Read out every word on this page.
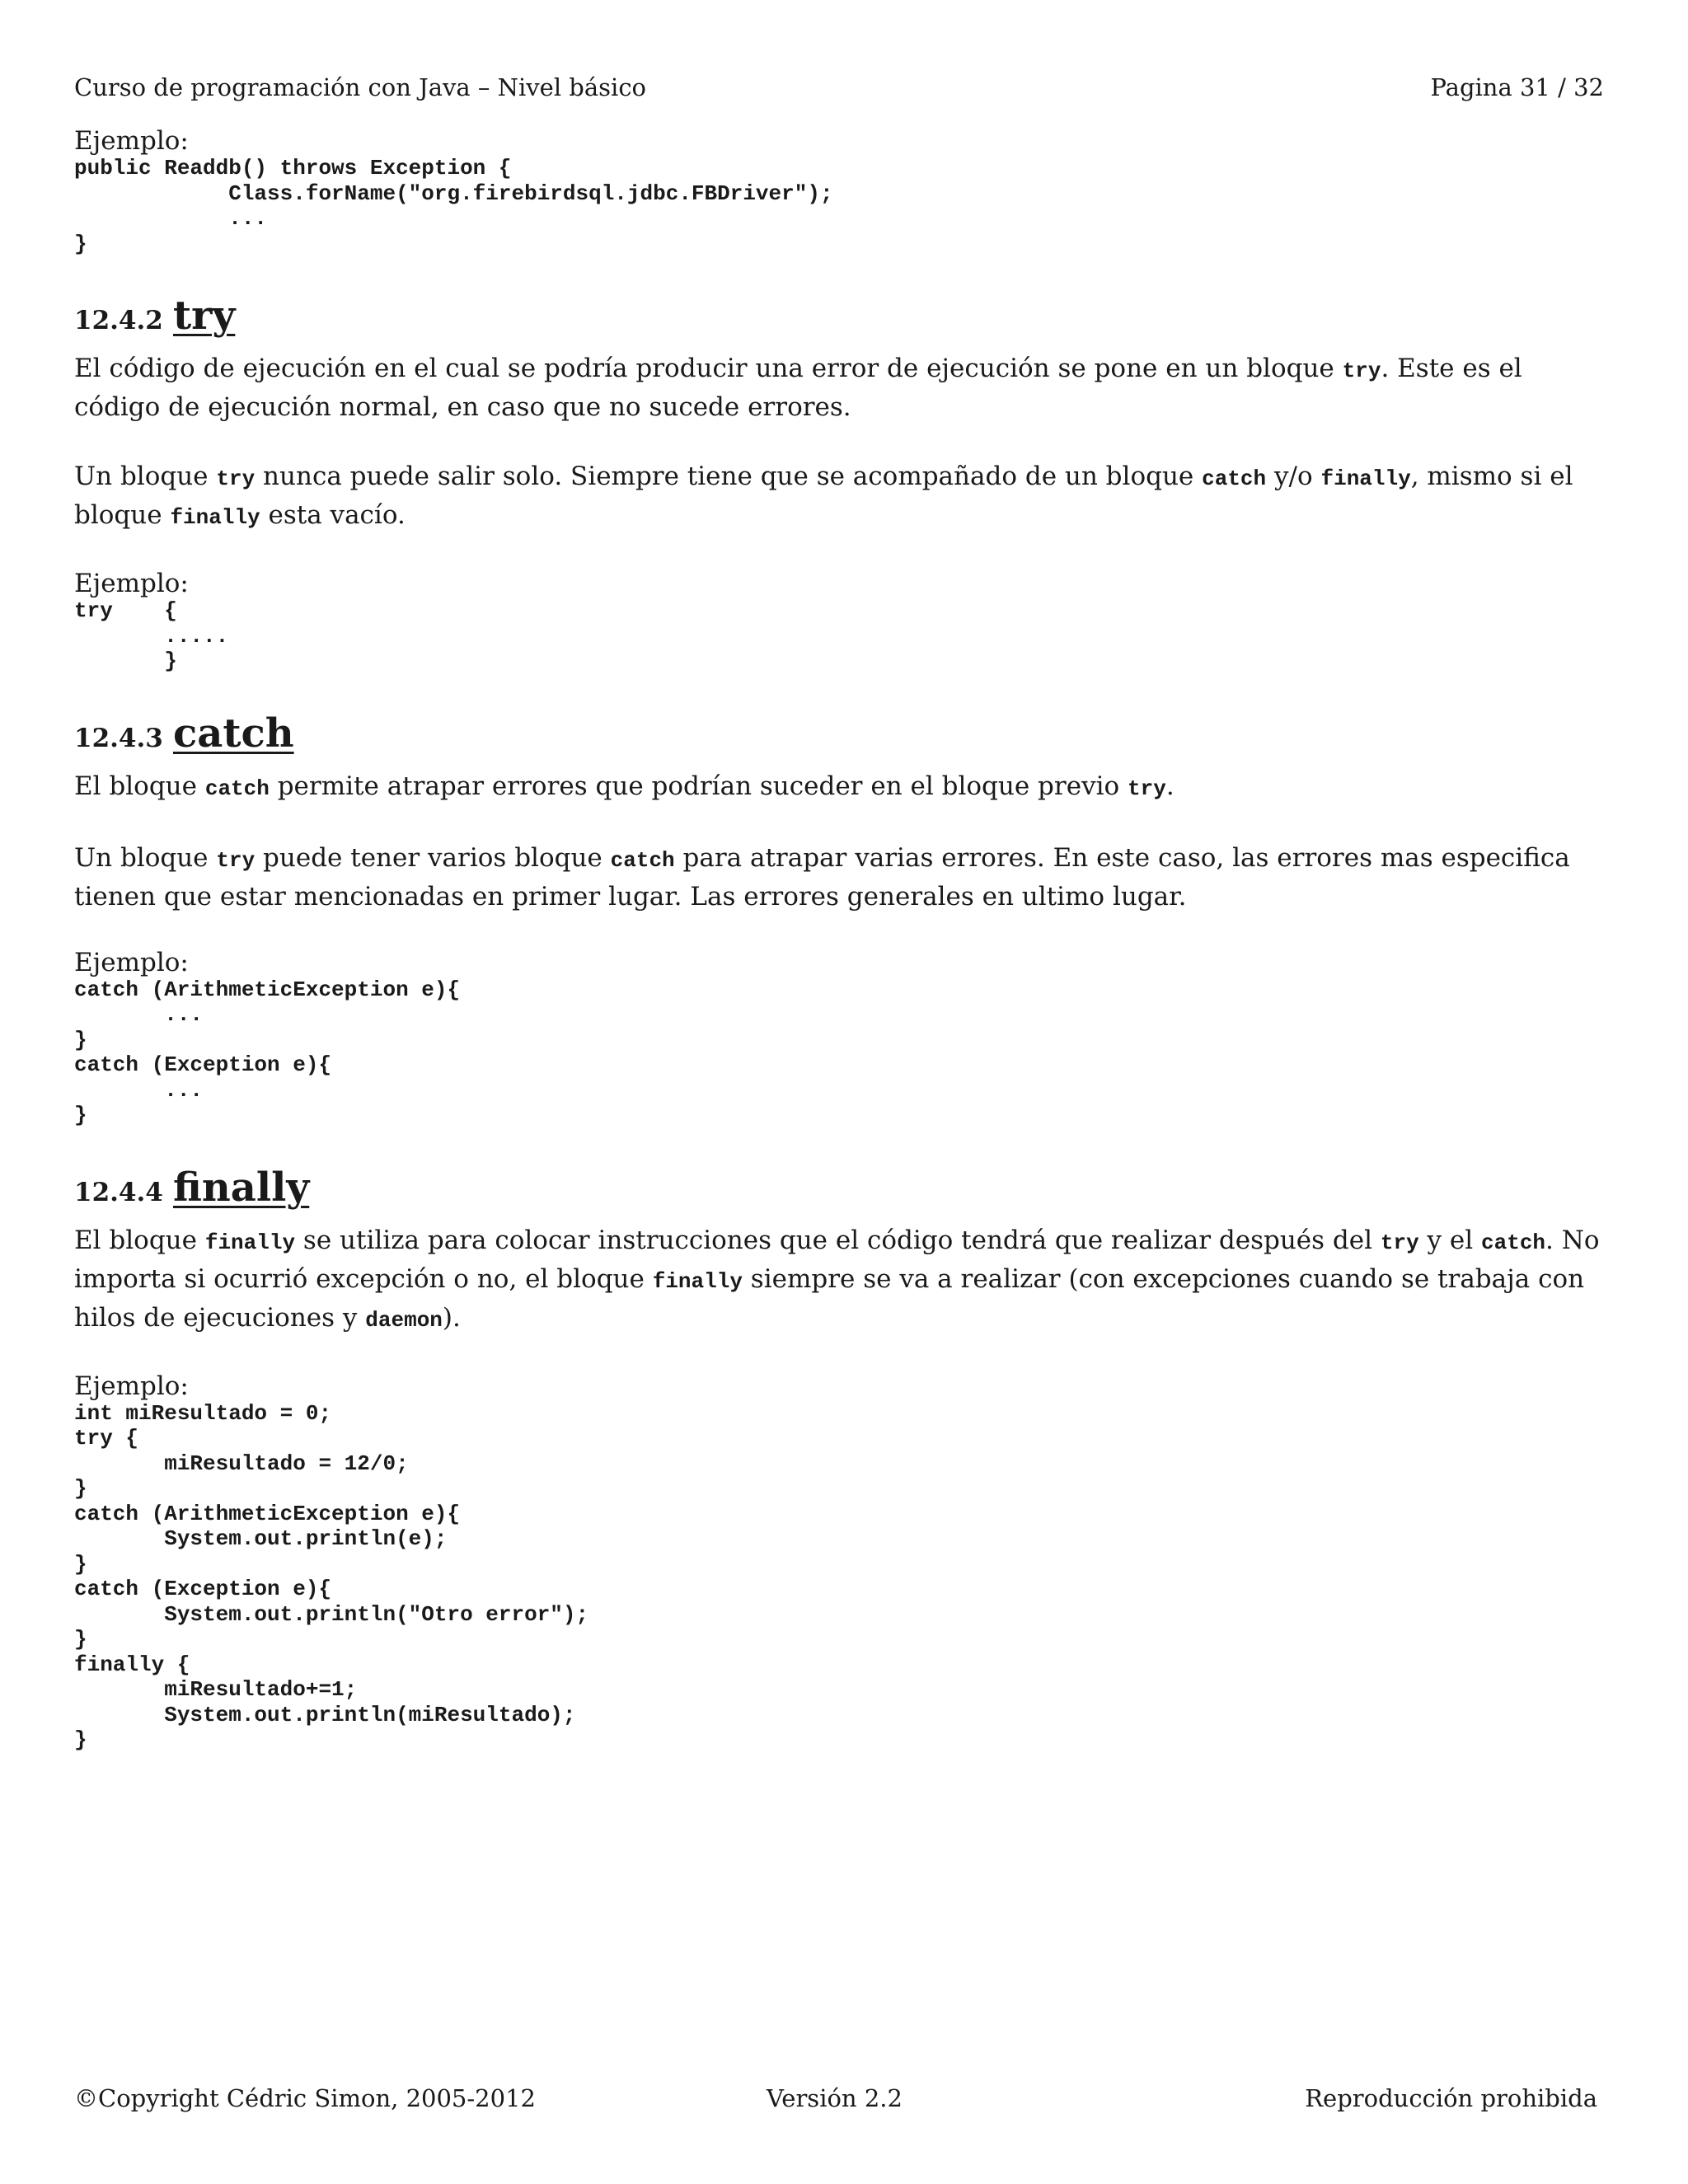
Curso de programación con Java – Nivel básico	Pagina 31 / 32

Ejemplo:

public Readdb() throws Exception {
Class.forName("org.firebirdsql.jdbc.FBDriver");
...
}
12.4.2 try

El código de ejecución en el cual se podría producir una error de ejecución se pone en un bloque try. Este es el código de ejecución normal, en caso que no sucede errores.

Un bloque try nunca puede salir solo. Siempre tiene que se acompañado de un bloque catch y/o finally, mismo si el bloque finally esta vacío.

Ejemplo:

try    {
.....
}
12.4.3 catch

El bloque catch permite atrapar errores que podrían suceder en el bloque previo try.

Un bloque try puede tener varios bloque catch para atrapar varias errores. En este caso, las errores mas especifica tienen que estar mencionadas en primer lugar. Las errores generales en ultimo lugar.

Ejemplo:

catch (ArithmeticException e){
...
}
catch (Exception e){
...
}
12.4.4 finally

El bloque finally se utiliza para colocar instrucciones que el código tendrá que realizar después del try y el catch. No importa si ocurrió excepción o no, el bloque finally siempre se va a realizar (con excepciones cuando se trabaja con hilos de ejecuciones y daemon).

Ejemplo:

int miResultado = 0;
try {
miResultado = 12/0;
}
catch (ArithmeticException e){
System.out.println(e);
}
catch (Exception e){
System.out.println("Otro error");
}
finally {
miResultado+=1;
System.out.println(miResultado);
}
©Copyright Cédric Simon, 2005-2012	Versión 2.2	Reproducción prohibida
